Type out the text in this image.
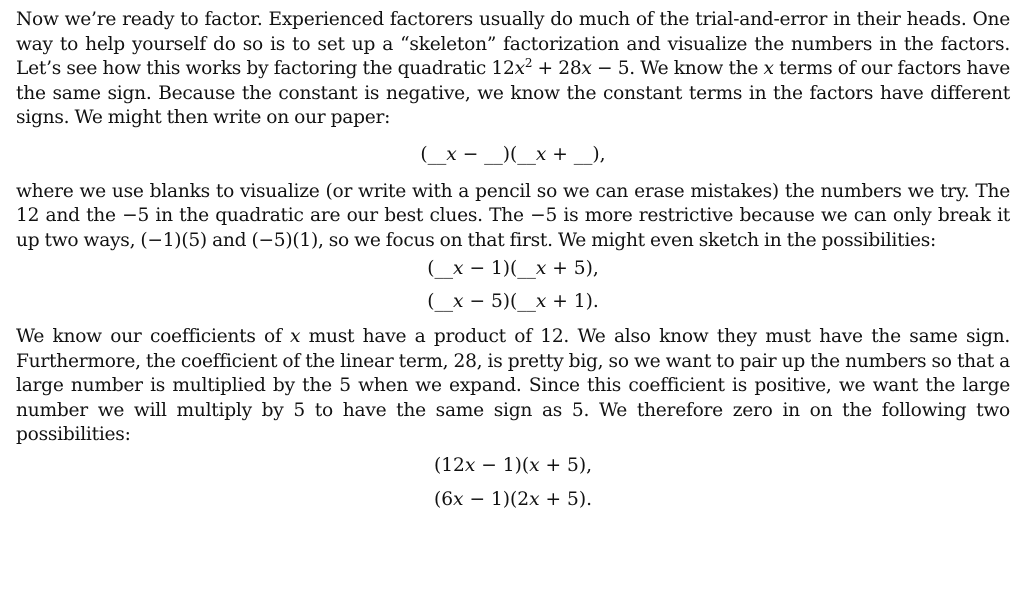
Now we’re ready to factor. Experienced factorers usually do much of the trial-and-error in their heads. One way to help yourself do so is to set up a “skeleton” factorization and visualize the numbers in the factors. Let’s see how this works by factoring the quadratic $12x^2 + 28x - 5$. We know the x terms of our factors have the same sign. Because the constant is negative, we know the constant terms in the factors have different signs. We might then write on our paper:

(__x − __)(__x + __),

where we use blanks to visualize (or write with a pencil so we can erase mistakes) the numbers we try. The 12 and the −5 in the quadratic are our best clues. The −5 is more restrictive because we can only break it up two ways, (−1)(5) and (−5)(1), so we focus on that first. We might even sketch in the possibilities:

(__x − 1)(__x + 5),

(__x − 5)(__x + 1).

We know our coefficients of x must have a product of 12. We also know they must have the same sign. Furthermore, the coefficient of the linear term, 28, is pretty big, so we want to pair up the numbers so that a large number is multiplied by the 5 when we expand. Since this coefficient is positive, we want the large number we will multiply by 5 to have the same sign as 5. We therefore zero in on the following two possibilities:

(12x − 1)(x + 5),

(6x − 1)(2x + 5).
